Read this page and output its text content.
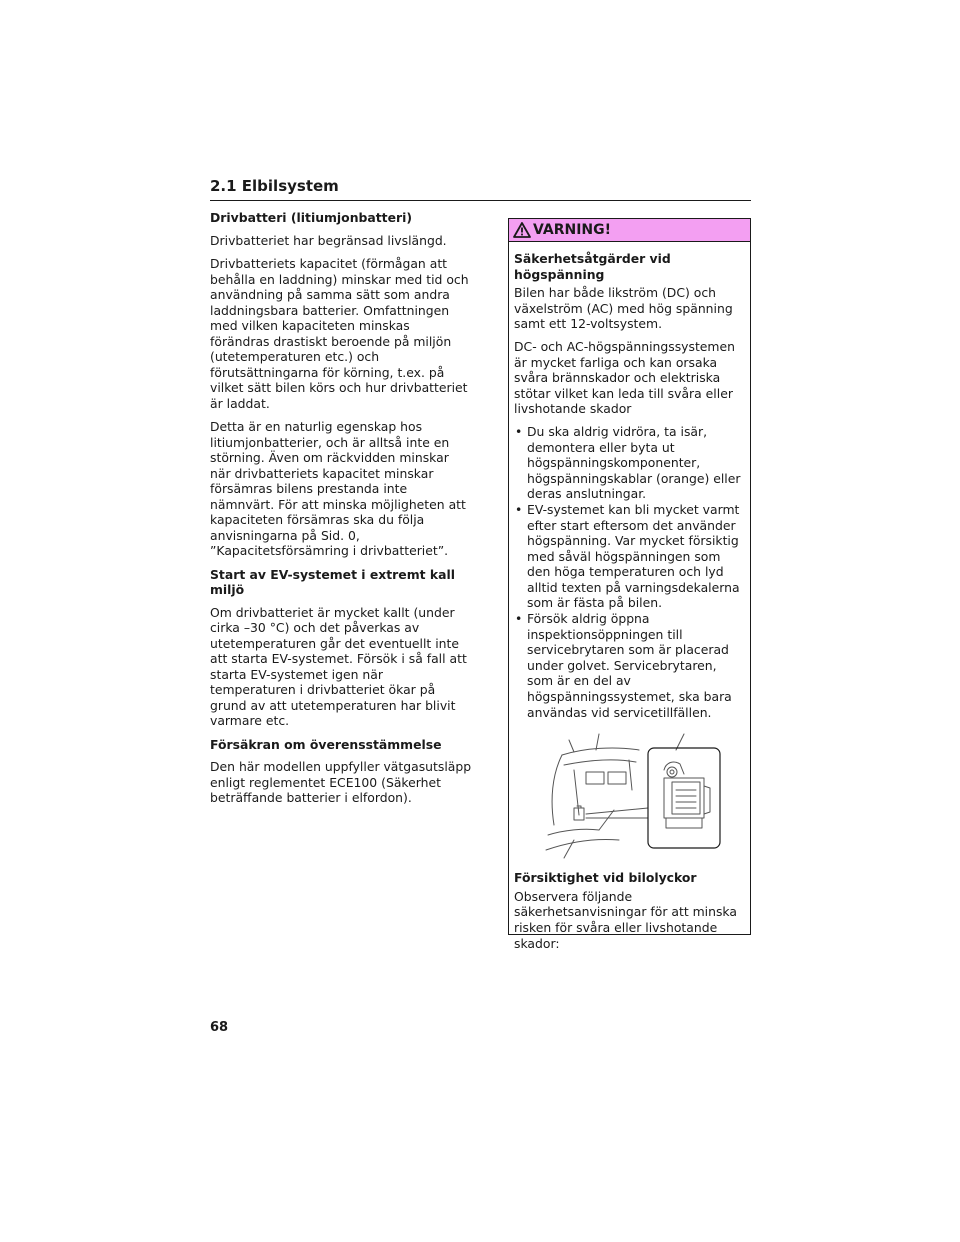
2.1 Elbilsystem
Drivbatteri (litiumjonbatteri)

Drivbatteriet har begränsad livslängd.

Drivbatteriets kapacitet (förmågan att behålla en laddning) minskar med tid och användning på samma sätt som andra laddningsbara batterier. Omfattningen med vilken kapaciteten minskas förändras drastiskt beroende på miljön (utetemperaturen etc.) och förutsättningarna för körning, t.ex. på vilket sätt bilen körs och hur drivbatteriet är laddat.

Detta är en naturlig egenskap hos litiumjonbatterier, och är alltså inte en störning. Även om räckvidden minskar när drivbatteriets kapacitet minskar försämras bilens prestanda inte nämnvärt. För att minska möjligheten att kapaciteten försämras ska du följa anvisningarna på Sid. 0, ”Kapacitetsförsämring i drivbatteriet”.

Start av EV-systemet i extremt kall miljö

Om drivbatteriet är mycket kallt (under cirka –30 °C) och det påverkas av utetemperaturen går det eventuellt inte att starta EV-systemet. Försök i så fall att starta EV-systemet igen när temperaturen i drivbatteriet ökar på grund av att utetemperaturen har blivit varmare etc.

Försäkran om överensstämmelse

Den här modellen uppfyller vätgasutsläpp enligt reglementet ECE100 (Säkerhet beträffande batterier i elfordon).

VARNING!
Säkerhetsåtgärder vid högspänning

Bilen har både likström (DC) och växelström (AC) med hög spänning samt ett 12-voltsystem.

DC- och AC-högspänningssystemen är mycket farliga och kan orsaka svåra brännskador och elektriska stötar vilket kan leda till svåra eller livshotande skador

• Du ska aldrig vidröra, ta isär, demontera eller byta ut högspänningskomponenter, högspänningskablar (orange) eller deras anslutningar.
• EV-systemet kan bli mycket varmt efter start eftersom det använder högspänning. Var mycket försiktig med såväl högspänningen som den höga temperaturen och lyd alltid texten på varningsdekalerna som är fästa på bilen.
• Försök aldrig öppna inspektionsöppningen till servicebrytaren som är placerad under golvet. Servicebrytaren, som är en del av högspänningssystemet, ska bara användas vid servicetillfällen.
Försiktighet vid bilolyckor

Observera följande säkerhetsanvisningar för att minska risken för svåra eller livshotande skador:

68
